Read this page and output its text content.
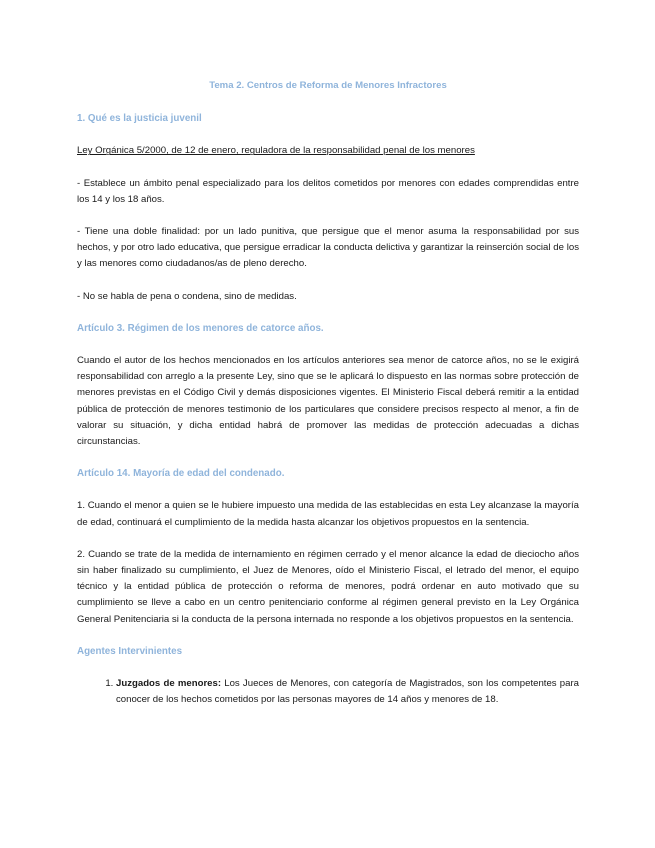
Tema 2. Centros de Reforma de Menores Infractores
1. Qué es la justicia juvenil
Ley Orgánica 5/2000, de 12 de enero, reguladora de la responsabilidad penal de los menores

- Establece un ámbito penal especializado para los delitos cometidos por menores con edades comprendidas entre los 14 y los 18 años.

- Tiene una doble finalidad: por un lado punitiva, que persigue que el menor asuma la responsabilidad por sus hechos, y por otro lado educativa, que persigue erradicar la conducta delictiva y garantizar la reinserción social de los y las menores como ciudadanos/as de pleno derecho.

- No se habla de pena o condena, sino de medidas.

Artículo 3. Régimen de los menores de catorce años.

Cuando el autor de los hechos mencionados en los artículos anteriores sea menor de catorce años, no se le exigirá responsabilidad con arreglo a la presente Ley, sino que se le aplicará lo dispuesto en las normas sobre protección de menores previstas en el Código Civil y demás disposiciones vigentes. El Ministerio Fiscal deberá remitir a la entidad pública de protección de menores testimonio de los particulares que considere precisos respecto al menor, a fin de valorar su situación, y dicha entidad habrá de promover las medidas de protección adecuadas a dichas circunstancias.

Artículo 14. Mayoría de edad del condenado.

1. Cuando el menor a quien se le hubiere impuesto una medida de las establecidas en esta Ley alcanzase la mayoría de edad, continuará el cumplimiento de la medida hasta alcanzar los objetivos propuestos en la sentencia.

2. Cuando se trate de la medida de internamiento en régimen cerrado y el menor alcance la edad de dieciocho años sin haber finalizado su cumplimiento, el Juez de Menores, oído el Ministerio Fiscal, el letrado del menor, el equipo técnico y la entidad pública de protección o reforma de menores, podrá ordenar en auto motivado que su cumplimiento se lleve a cabo en un centro penitenciario conforme al régimen general previsto en la Ley Orgánica General Penitenciaria si la conducta de la persona internada no responde a los objetivos propuestos en la sentencia.

Agentes Intervinientes
1. Juzgados de menores: Los Jueces de Menores, con categoría de Magistrados, son los competentes para conocer de los hechos cometidos por las personas mayores de 14 años y menores de 18.
